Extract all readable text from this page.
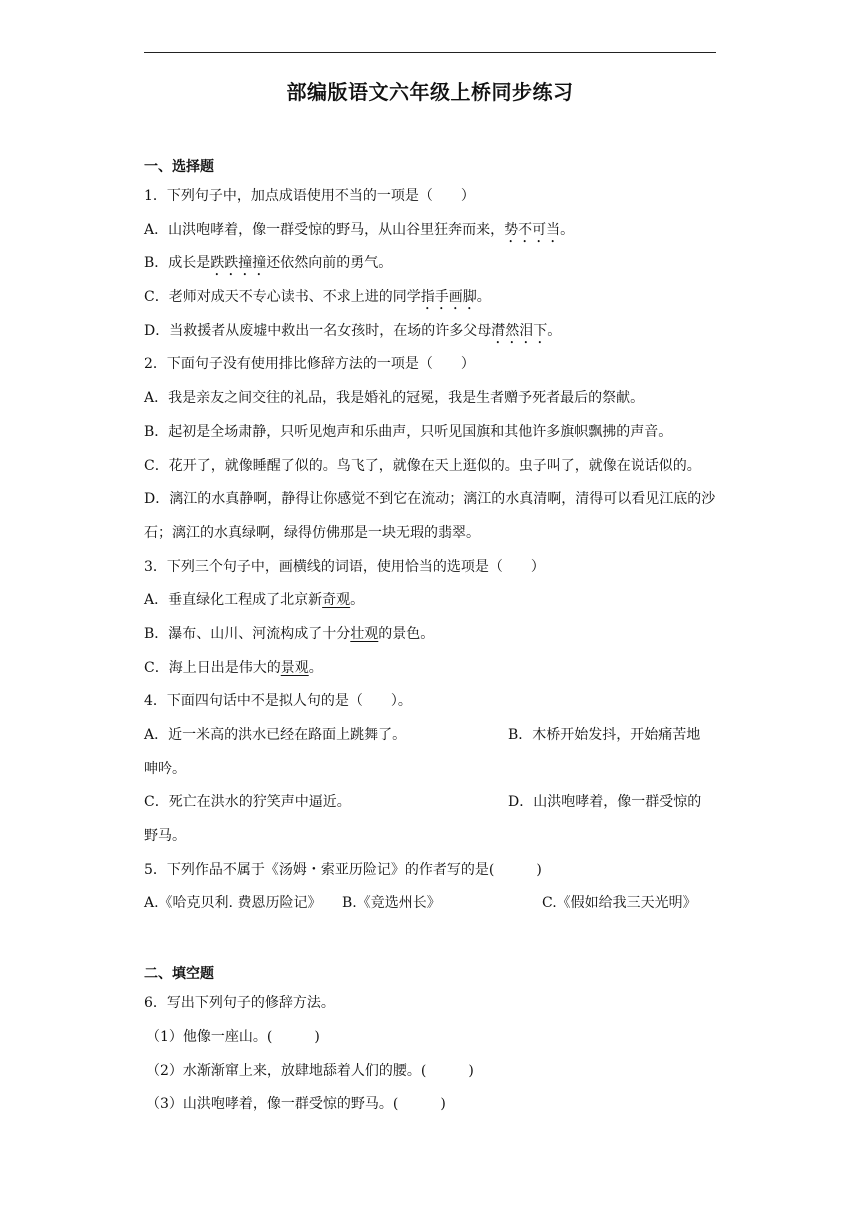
部编版语文六年级上桥同步练习
一、选择题
1．下列句子中，加点成语使用不当的一项是（　　）
A．山洪咆哮着，像一群受惊的野马，从山谷里狂奔而来，势不可当。
B．成长是跌跌撞撞还依然向前的勇气。
C．老师对成天不专心读书、不求上进的同学指手画脚。
D．当救援者从废墟中救出一名女孩时，在场的许多父母潸然泪下。
2．下面句子没有使用排比修辞方法的一项是（　　）
A．我是亲友之间交往的礼品，我是婚礼的冠冕，我是生者赠予死者最后的祭献。
B．起初是全场肃静，只听见炮声和乐曲声，只听见国旗和其他许多旗帜飘拂的声音。
C．花开了，就像睡醒了似的。鸟飞了，就像在天上逛似的。虫子叫了，就像在说话似的。
D．漓江的水真静啊，静得让你感觉不到它在流动；漓江的水真清啊，清得可以看见江底的沙石；漓江的水真绿啊，绿得仿佛那是一块无瑕的翡翠。
3．下列三个句子中，画横线的词语，使用恰当的选项是（　　）
A．垂直绿化工程成了北京新奇观。
B．瀑布、山川、河流构成了十分壮观的景色。
C．海上日出是伟大的景观。
4．下面四句话中不是拟人句的是（　　）。
A．近一米高的洪水已经在路面上跳舞了。	B．木桥开始发抖，开始痛苦地
呻吟。
C．死亡在洪水的狞笑声中逼近。	D．山洪咆哮着，像一群受惊的
野马。
5．下列作品不属于《汤姆・索亚历险记》的作者写的是(　　　)
A.《哈克贝利. 费恩历险记》	B.《竞选州长》	C.《假如给我三天光明》
二、填空题
6．写出下列句子的修辞方法。
（1）他像一座山。(　　　)
（2）水渐渐窜上来，放肆地舔着人们的腰。(　　　)
（3）山洪咆哮着，像一群受惊的野马。(　　　)
